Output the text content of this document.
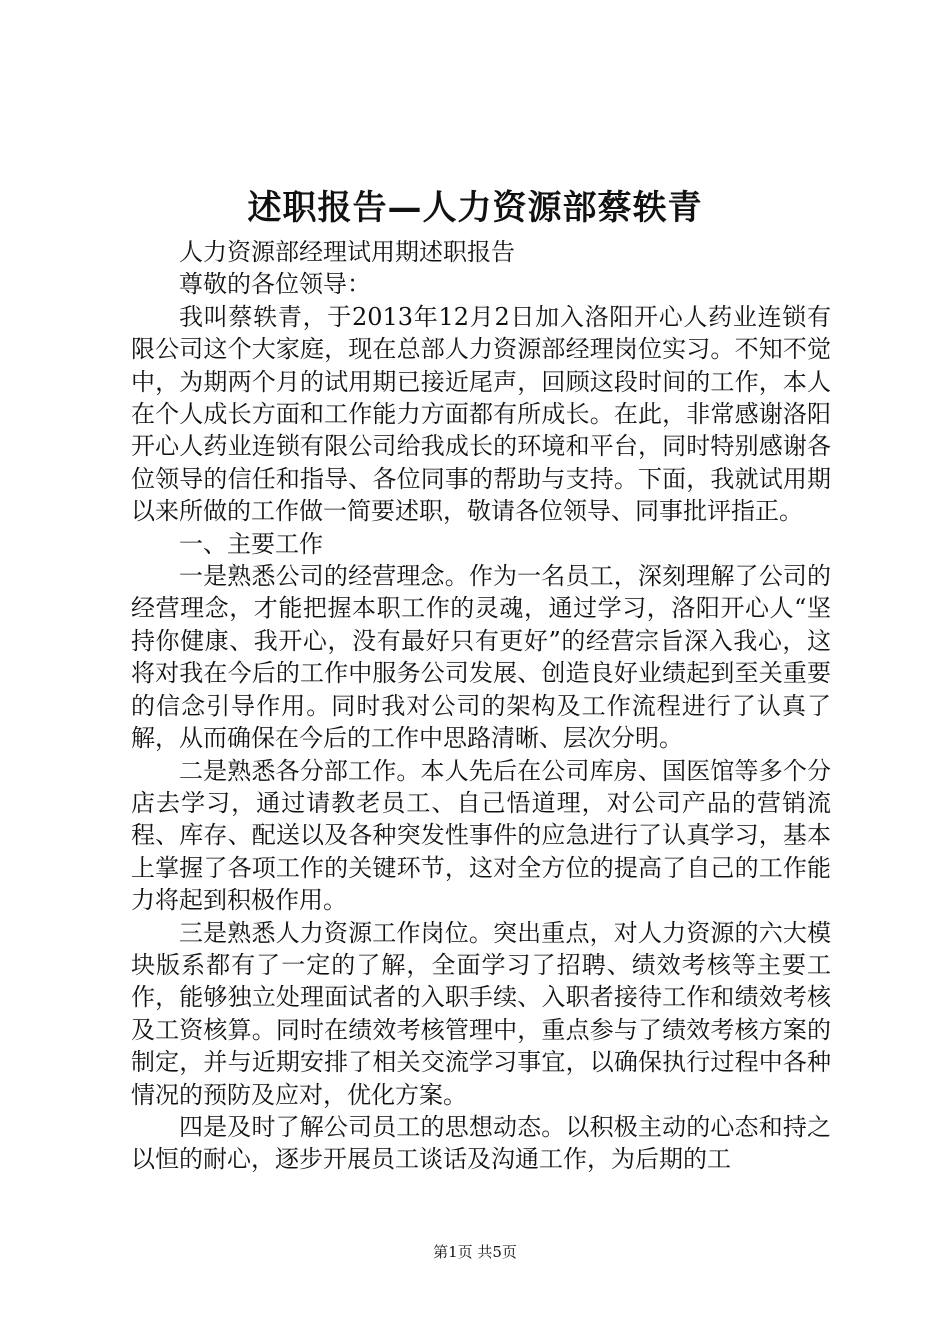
述职报告—人力资源部蔡轶青

人力资源部经理试用期述职报告

尊敬的各位领导：

我叫蔡轶青，于2013年12月2日加入洛阳开心人药业连锁有限公司这个大家庭，现在总部人力资源部经理岗位实习。不知不觉中，为期两个月的试用期已接近尾声，回顾这段时间的工作，本人在个人成长方面和工作能力方面都有所成长。在此，非常感谢洛阳开心人药业连锁有限公司给我成长的环境和平台，同时特别感谢各位领导的信任和指导、各位同事的帮助与支持。下面，我就试用期以来所做的工作做一简要述职，敬请各位领导、同事批评指正。

一、主要工作

一是熟悉公司的经营理念。作为一名员工，深刻理解了公司的经营理念，才能把握本职工作的灵魂，通过学习，洛阳开心人“坚持你健康、我开心，没有最好只有更好”的经营宗旨深入我心，这将对我在今后的工作中服务公司发展、创造良好业绩起到至关重要的信念引导作用。同时我对公司的架构及工作流程进行了认真了解，从而确保在今后的工作中思路清晰、层次分明。

二是熟悉各分部工作。本人先后在公司库房、国医馆等多个分店去学习，通过请教老员工、自己悟道理，对公司产品的营销流程、库存、配送以及各种突发性事件的应急进行了认真学习，基本上掌握了各项工作的关键环节，这对全方位的提高了自己的工作能力将起到积极作用。

三是熟悉人力资源工作岗位。突出重点，对人力资源的六大模块版系都有了一定的了解，全面学习了招聘、绩效考核等主要工作，能够独立处理面试者的入职手续、入职者接待工作和绩效考核及工资核算。同时在绩效考核管理中，重点参与了绩效考核方案的制定，并与近期安排了相关交流学习事宜，以确保执行过程中各种情况的预防及应对，优化方案。

四是及时了解公司员工的思想动态。以积极主动的心态和持之以恒的耐心，逐步开展员工谈话及沟通工作，为后期的工

第1页 共5页
